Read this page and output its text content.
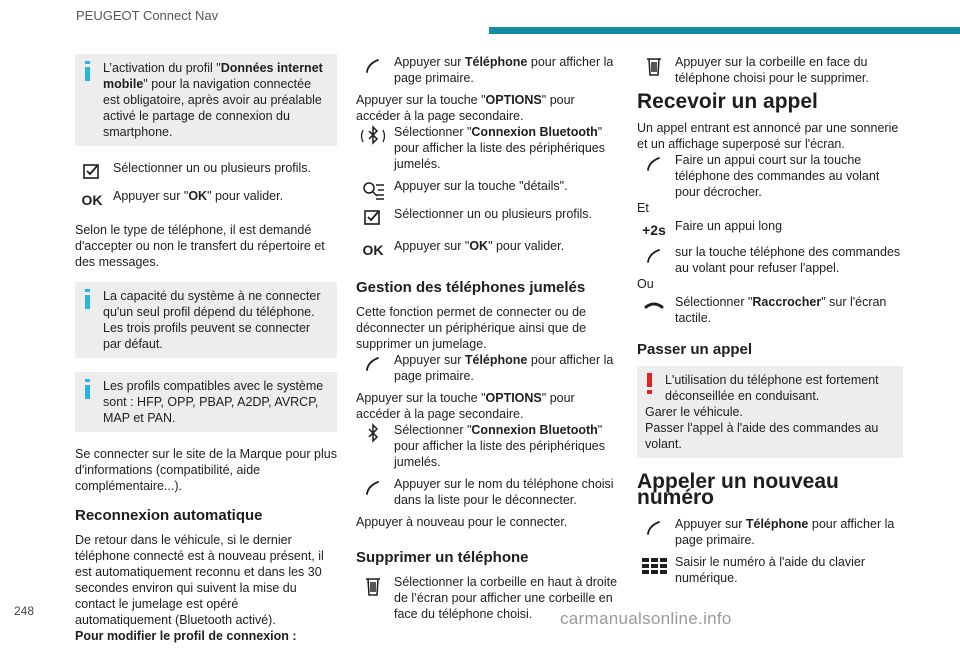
PEUGEOT Connect Nav
L’activation du profil "Données internet mobile" pour la navigation connectée est obligatoire, après avoir au préalable activé le partage de connexion du smartphone.
Sélectionner un ou plusieurs profils.
OK Appuyer sur "OK" pour valider.

Selon le type de téléphone, il est demandé d'accepter ou non le transfert du répertoire et des messages.

La capacité du système à ne connecter qu'un seul profil dépend du téléphone. Les trois profils peuvent se connecter par défaut.
Les profils compatibles avec le système sont : HFP, OPP, PBAP, A2DP, AVRCP, MAP et PAN.

Se connecter sur le site de la Marque pour plus d'informations (compatibilité, aide complémentaire...).

Reconnexion automatique

De retour dans le véhicule, si le dernier téléphone connecté est à nouveau présent, il est automatiquement reconnu et dans les 30 secondes environ qui suivent la mise du contact le jumelage est opéré automatiquement (Bluetooth activé).

Pour modifier le profil de connexion :

Appuyer sur Téléphone pour afficher la page primaire.

Appuyer sur la touche "OPTIONS" pour accéder à la page secondaire.

Sélectionner "Connexion Bluetooth" pour afficher la liste des périphériques jumelés.
Appuyer sur la touche "détails".
Sélectionner un ou plusieurs profils.
OK Appuyer sur "OK" pour valider.
Gestion des téléphones jumelés

Cette fonction permet de connecter ou de déconnecter un périphérique ainsi que de supprimer un jumelage.

Appuyer sur Téléphone pour afficher la page primaire.

Appuyer sur la touche "OPTIONS" pour accéder à la page secondaire.

Sélectionner "Connexion Bluetooth" pour afficher la liste des périphériques jumelés.
Appuyer sur le nom du téléphone choisi dans la liste pour le déconnecter.

Appuyer à nouveau pour le connecter.

Supprimer un téléphone
Sélectionner la corbeille en haut à droite de l’écran pour afficher une corbeille en face du téléphone choisi.
Appuyer sur la corbeille en face du téléphone choisi pour le supprimer.
Recevoir un appel

Un appel entrant est annoncé par une sonnerie et un affichage superposé sur l'écran.

Faire un appui court sur la touche téléphone des commandes au volant pour décrocher.
Et
+2s Faire un appui long
sur la touche téléphone des commandes au volant pour refuser l'appel.
Ou
Sélectionner "Raccrocher" sur l'écran tactile.
Passer un appel
L'utilisation du téléphone est fortement déconseillée en conduisant.
Garer le véhicule.
Passer l'appel à l'aide des commandes au volant.
Appeler un nouveau numéro
Appuyer sur Téléphone pour afficher la page primaire.
Saisir le numéro à l'aide du clavier numérique.
248	carmanualsonline.info
